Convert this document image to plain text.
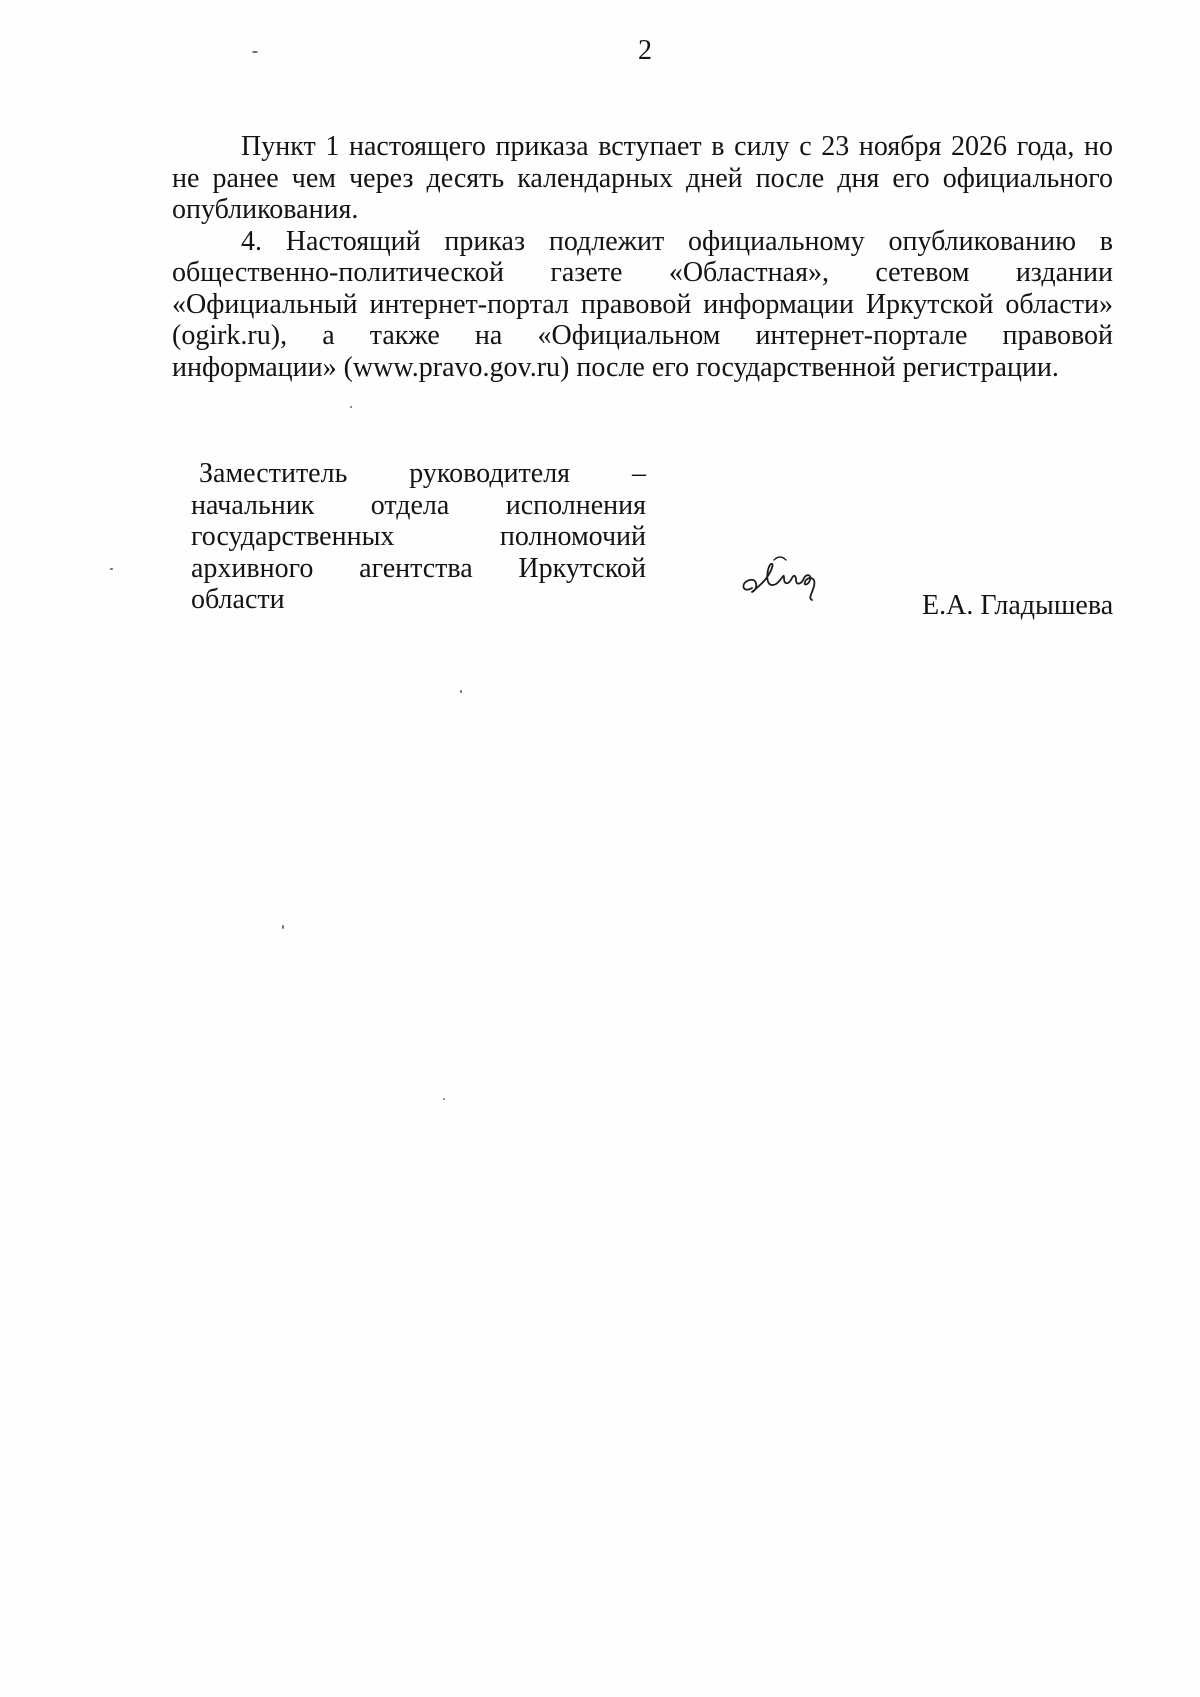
2

Пункт 1 настоящего приказа вступает в силу с 23 ноября 2026 года, но не ранее чем через десять календарных дней после дня его официального опубликования.

4. Настоящий приказ подлежит официальному опубликованию в общественно-политической газете «Областная», сетевом издании «Официальный интернет-портал правовой информации Иркутской области» (ogirk.ru), а также на «Официальном интернет-портале правовой информации» (www.pravo.gov.ru) после его государственной регистрации.

Заместитель руководителя –
начальник отдела исполнения
государственных полномочий
архивного агентства Иркутской
области	Е.А. Гладышева
